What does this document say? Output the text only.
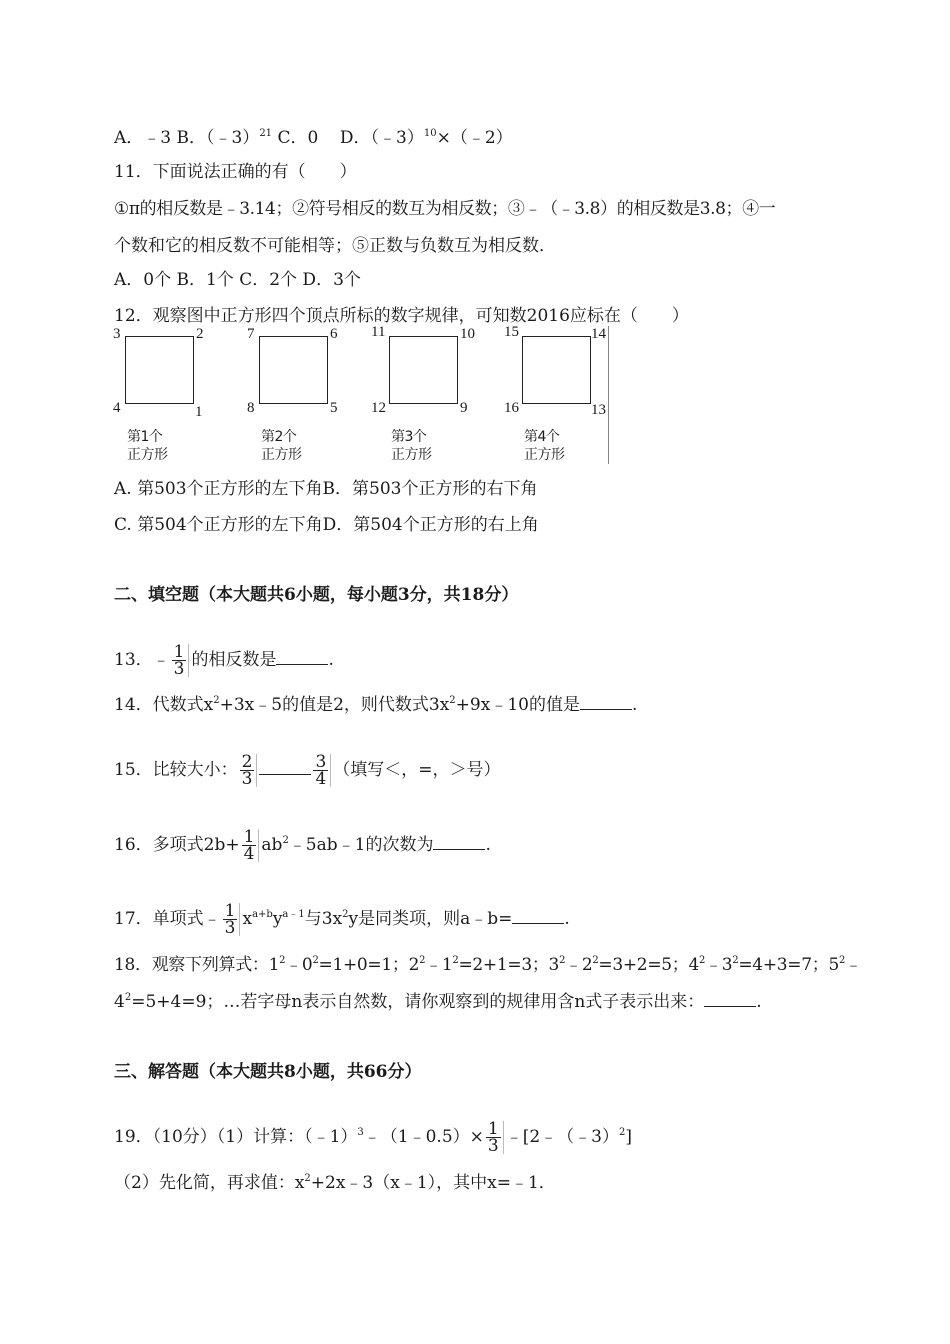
A．﹣3 B．（﹣3）$^{21}$ C．0 D．（﹣3）$^{10}$×（﹣2）
11．下面说法正确的有（　　）
①π的相反数是﹣3.14；②符号相反的数互为相反数；③﹣（﹣3.8）的相反数是3.8；④一
个数和它的相反数不可能相等；⑤正数与负数互为相反数．
A．0个 B．1个 C．2个 D．3个
12．观察图中正方形四个顶点所标的数字规律，可知数2016应标在（　　）
3	2
4	1
第1个
正方形
7	6
8	5
第2个
正方形
11	10
12	9
第3个
正方形
15	14
16	13
第4个
正方形
A. 第503个正方形的左下角B．第503个正方形的右下角
C. 第504个正方形的左下角D．第504个正方形的右上角
二、填空题（本大题共6小题，每小题3分，共18分）
13．﹣ $\frac{1}{3}$ 的相反数是	.
14．代数式$x^2+3x﹣5$的值是2，则代数式$3x^2+9x﹣10$的值是	.
15．比较大小： $\frac{2}{3}$	$\frac{3}{4}$ （填写＜，=，＞号）
16．多项式$2b+ \frac{1}{4}$ $ab^2﹣5ab﹣1$的次数为	.
17．单项式﹣ $\frac{1}{3} x^{a+b}y^{a﹣1}$与$3x^2y$是同类项，则a﹣b=	.
18．观察下列算式：$1^2﹣0^2=1+0=1$；$2^2﹣1^2=2+1=3$；$3^2﹣2^2=3+2=5$；$4^2﹣3^2=4+3=7$；$5^2﹣$
$4^2=5+4=9$；…若字母n表示自然数，请你观察到的规律用含n式子表示出来：	.
三、解答题（本大题共8小题，共66分）
19．（10分）（1）计算：（﹣1）$^3$﹣（1﹣0.5）× $\frac{1}{3}$ ﹣[2﹣（﹣3）$^2$]
（2）先化简，再求值：$x^2+2x﹣3(x﹣1)$，其中x=﹣1．
